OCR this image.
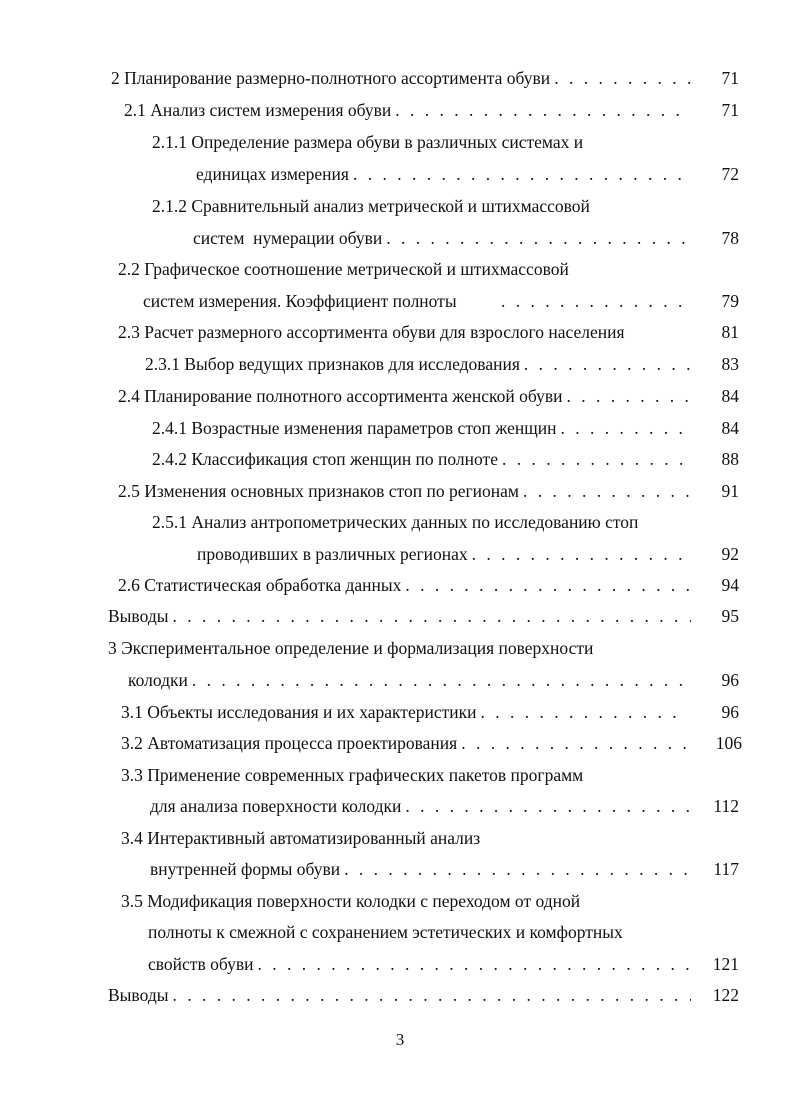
2 Планирование размерно-полнотного ассортимента обуви . . .	71
2.1 Анализ систем измерения обуви . . .	71
2.1.1 Определение размера обуви в различных системах и
единицах измерения . . .	72
2.1.2 Сравнительный анализ метрической и штихмассовой
систем  нумерации обуви . . .	78
2.2 Графическое соотношение метрической и штихмассовой
систем измерения. Коэффициент полноты . . .	79
2.3 Расчет размерного ассортимента обуви для взрослого населения	81
2.3.1 Выбор ведущих признаков для исследования . . .	83
2.4 Планирование полнотного ассортимента женской обуви . . .	84
2.4.1 Возрастные изменения параметров стоп женщин . . .	84
2.4.2 Классификация стоп женщин по полноте . . .	88
2.5 Изменения основных признаков стоп по регионам . . .	91
2.5.1 Анализ антропометрических данных по исследованию стоп
проводивших в различных регионах . . .	92
2.6 Статистическая обработка данных . . .	94
Выводы . . .	95
3 Экспериментальное определение и формализация поверхности
колодки . . .	96
3.1 Объекты исследования и их характеристики . . .	96
3.2 Автоматизация процесса проектирования . . .	106
3.3 Применение современных графических пакетов программ
для анализа поверхности колодки . . .	112
3.4 Интерактивный автоматизированный анализ
внутренней формы обуви . . .	117
3.5 Модификация поверхности колодки с переходом от одной
полноты к смежной с сохранением эстетических и комфортных
свойств обуви . . .	121
Выводы . . .	122
3
